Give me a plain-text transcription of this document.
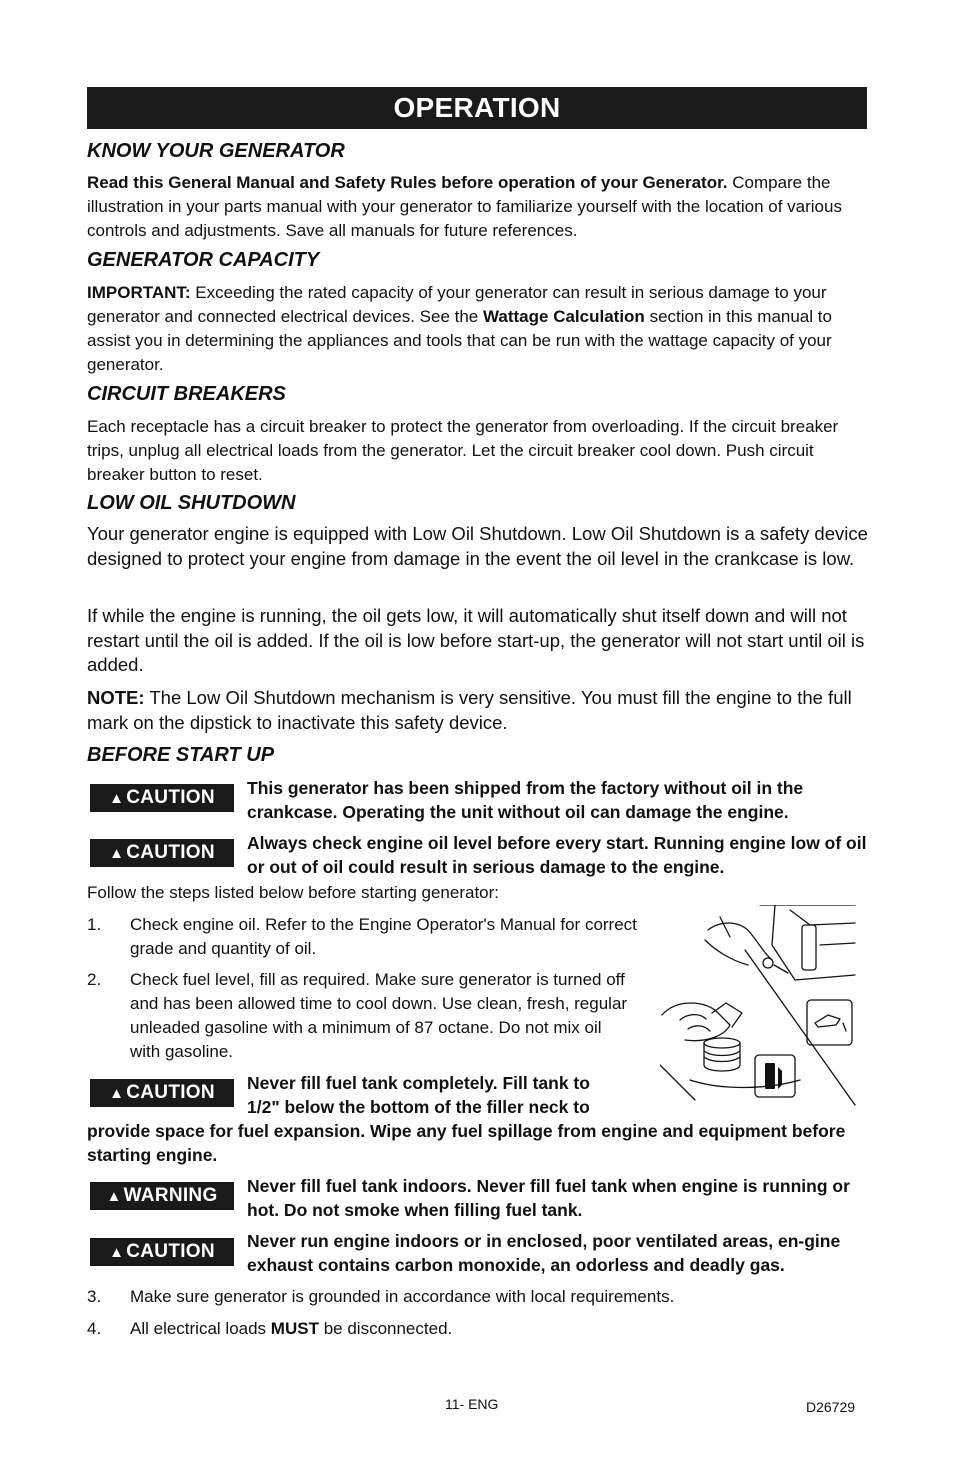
OPERATION
KNOW YOUR GENERATOR
Read this General Manual and Safety Rules before operation of your Generator. Compare the illustration in your parts manual with your generator to familiarize yourself with the location of various controls and adjustments. Save all manuals for future references.
GENERATOR CAPACITY
IMPORTANT: Exceeding the rated capacity of your generator can result in serious damage to your generator and connected electrical devices. See the Wattage Calculation section in this manual to assist you in determining the appliances and tools that can be run with the wattage capacity of your generator.
CIRCUIT BREAKERS
Each receptacle has a circuit breaker to protect the generator from overloading. If the circuit breaker trips, unplug all electrical loads from the generator. Let the circuit breaker cool down. Push circuit breaker button to reset.
LOW OIL SHUTDOWN
Your generator engine is equipped with Low Oil Shutdown. Low Oil Shutdown is a safety device designed to protect your engine from damage in the event the oil level in the crankcase is low.
If while the engine is running, the oil gets low, it will automatically shut itself down and will not restart until the oil is added. If the oil is low before start-up, the generator will not start until oil is added.
NOTE: The Low Oil Shutdown mechanism is very sensitive. You must fill the engine to the full mark on the dipstick to inactivate this safety device.
BEFORE START UP
▲ CAUTION	This generator has been shipped from the factory without oil in the crankcase. Operating the unit without oil can damage the engine.
▲ CAUTION	Always check engine oil level before every start. Running engine low of oil or out of oil could result in serious damage to the engine.
Follow the steps listed below before starting generator:
1. Check engine oil. Refer to the Engine Operator's Manual for correct grade and quantity of oil.
2. Check fuel level, fill as required. Make sure generator is turned off and has been allowed time to cool down. Use clean, fresh, regular unleaded gasoline with a minimum of 87 octane. Do not mix oil with gasoline.
▲ CAUTION	Never fill fuel tank completely. Fill tank to
1/2" below the bottom of the filler neck to
provide space for fuel expansion. Wipe any fuel spillage from engine and equipment before starting engine.
▲ WARNING	Never fill fuel tank indoors. Never fill fuel tank when engine is running or hot. Do not smoke when filling fuel tank.
▲ CAUTION	Never run engine indoors or in enclosed, poor ventilated areas, en-gine exhaust contains carbon monoxide, an odorless and deadly gas.
3. Make sure generator is grounded in accordance with local requirements.
4. All electrical loads MUST be disconnected.
11- ENG	D26729
